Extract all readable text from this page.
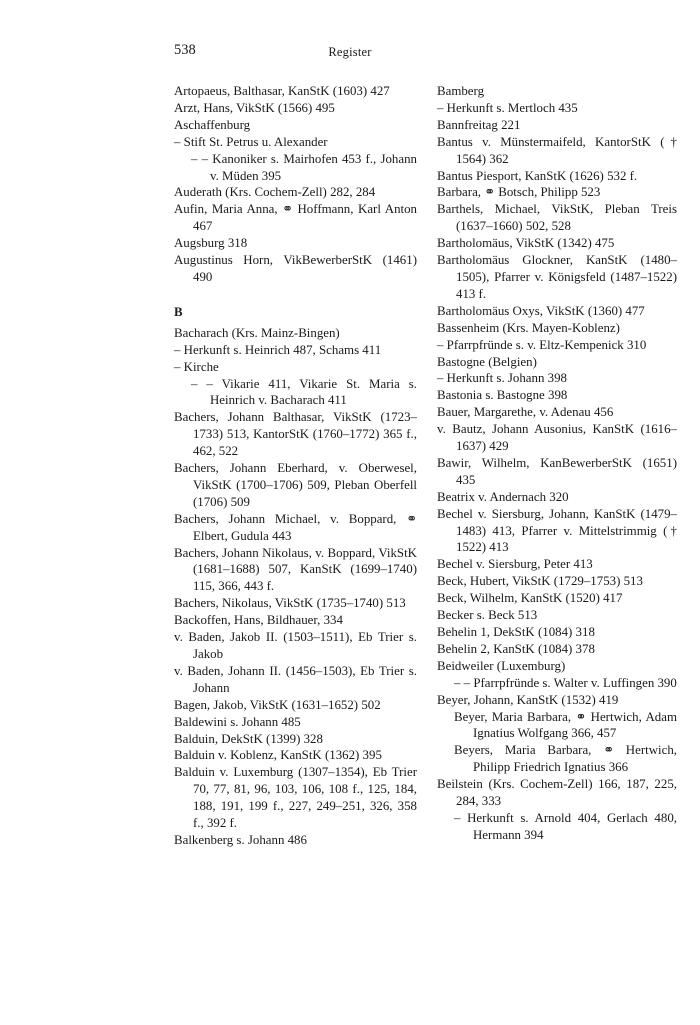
538	Register
Artopaeus, Balthasar, KanStK (1603) 427
Arzt, Hans, VikStK (1566) 495
Aschaffenburg
– Stift St. Petrus u. Alexander
– – Kanoniker s. Mairhofen 453 f., Johann v. Müden 395
Auderath (Krs. Cochem-Zell) 282, 284
Aufin, Maria Anna, ⚭ Hoffmann, Karl Anton 467
Augsburg 318
Augustinus Horn, VikBewerberStK (1461) 490
B
Bacharach (Krs. Mainz-Bingen)
– Herkunft s. Heinrich 487, Schams 411
– Kirche
– – Vikarie 411, Vikarie St. Maria s. Heinrich v. Bacharach 411
Bachers, Johann Balthasar, VikStK (1723–1733) 513, KantorStK (1760–1772) 365 f., 462, 522
Bachers, Johann Eberhard, v. Oberwesel, VikStK (1700–1706) 509, Pleban Oberfell (1706) 509
Bachers, Johann Michael, v. Boppard, ⚭ Elbert, Gudula 443
Bachers, Johann Nikolaus, v. Boppard, VikStK (1681–1688) 507, KanStK (1699–1740) 115, 366, 443 f.
Bachers, Nikolaus, VikStK (1735–1740) 513
Backoffen, Hans, Bildhauer, 334
v. Baden, Jakob II. (1503–1511), Eb Trier s. Jakob
v. Baden, Johann II. (1456–1503), Eb Trier s. Johann
Bagen, Jakob, VikStK (1631–1652) 502
Baldewini s. Johann 485
Balduin, DekStK (1399) 328
Balduin v. Koblenz, KanStK (1362) 395
Balduin v. Luxemburg (1307–1354), Eb Trier 70, 77, 81, 96, 103, 106, 108 f., 125, 184, 188, 191, 199 f., 227, 249–251, 326, 358 f., 392 f.
Balkenberg s. Johann 486
Bamberg
– Herkunft s. Mertloch 435
Bannfreitag 221
Bantus v. Münstermaifeld, KantorStK († 1564) 362
Bantus Piesport, KanStK (1626) 532 f.
Barbara, ⚭ Botsch, Philipp 523
Barthels, Michael, VikStK, Pleban Treis (1637–1660) 502, 528
Bartholomäus, VikStK (1342) 475
Bartholomäus Glockner, KanStK (1480–1505), Pfarrer v. Königsfeld (1487–1522) 413 f.
Bartholomäus Oxys, VikStK (1360) 477
Bassenheim (Krs. Mayen-Koblenz)
– Pfarrpfründe s. v. Eltz-Kempenick 310
Bastogne (Belgien)
– Herkunft s. Johann 398
Bastonia s. Bastogne 398
Bauer, Margarethe, v. Adenau 456
v. Bautz, Johann Ausonius, KanStK (1616–1637) 429
Bawir, Wilhelm, KanBewerberStK (1651) 435
Beatrix v. Andernach 320
Bechel v. Siersburg, Johann, KanStK (1479–1483) 413, Pfarrer v. Mittelstrimmig († 1522) 413
Bechel v. Siersburg, Peter 413
Beck, Hubert, VikStK (1729–1753) 513
Beck, Wilhelm, KanStK (1520) 417
Becker s. Beck 513
Behelin 1, DekStK (1084) 318
Behelin 2, KanStK (1084) 378
Beidweiler (Luxemburg)
– – Pfarrpfründe s. Walter v. Luffingen 390
Beyer, Johann, KanStK (1532) 419
Beyer, Maria Barbara, ⚭ Hertwich, Adam Ignatius Wolfgang 366, 457
Beyers, Maria Barbara, ⚭ Hertwich, Philipp Friedrich Ignatius 366
Beilstein (Krs. Cochem-Zell) 166, 187, 225, 284, 333
– Herkunft s. Arnold 404, Gerlach 480, Hermann 394
